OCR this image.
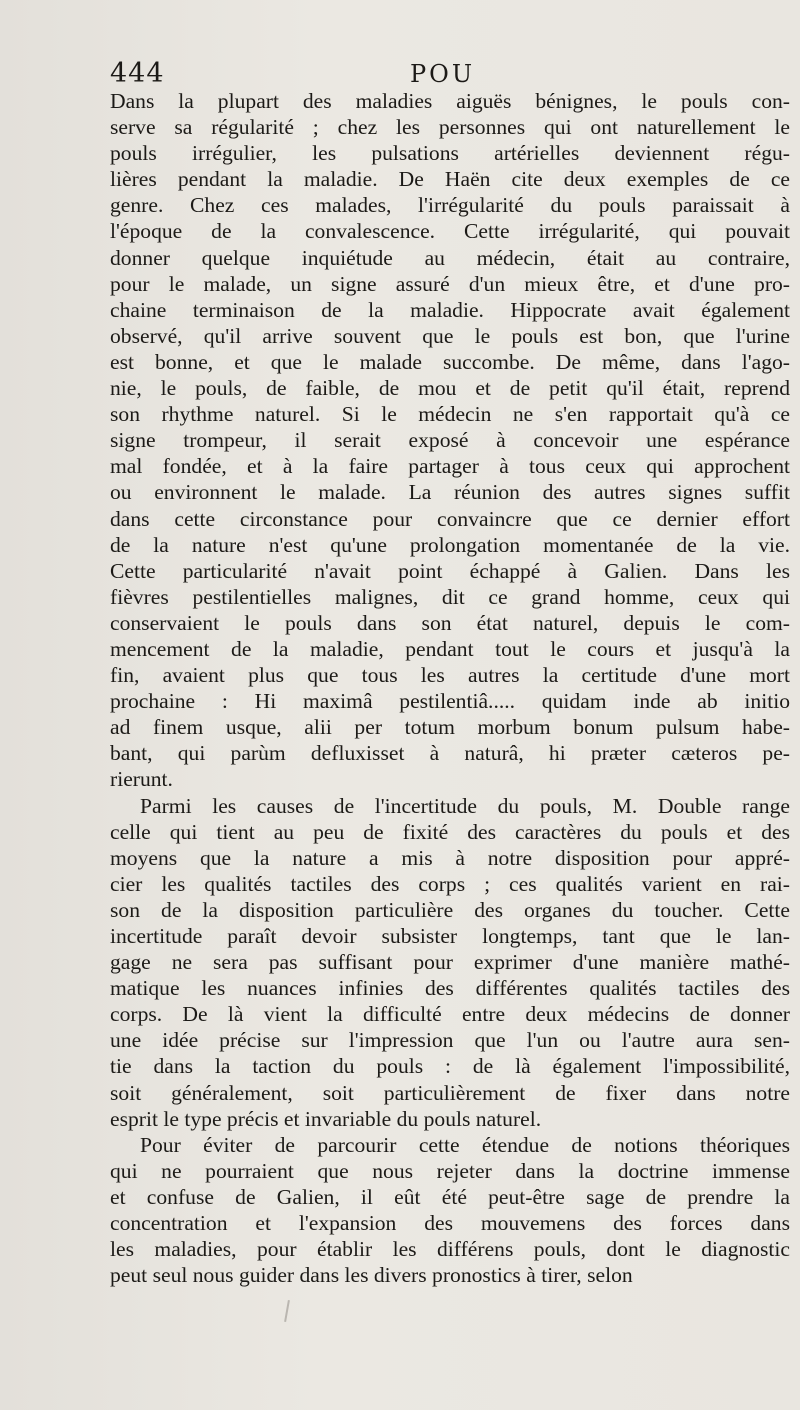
444	POU
Dans la plupart des maladies aiguës bénignes, le pouls con-
serve sa régularité ; chez les personnes qui ont naturellement le
pouls irrégulier, les pulsations artérielles deviennent régu-
lières pendant la maladie. De Haën cite deux exemples de ce
genre. Chez ces malades, l'irrégularité du pouls paraissait à
l'époque de la convalescence. Cette irrégularité, qui pouvait
donner quelque inquiétude au médecin, était au contraire,
pour le malade, un signe assuré d'un mieux être, et d'une pro-
chaine terminaison de la maladie. Hippocrate avait également
observé, qu'il arrive souvent que le pouls est bon, que l'urine
est bonne, et que le malade succombe. De même, dans l'ago-
nie, le pouls, de faible, de mou et de petit qu'il était, reprend
son rhythme naturel. Si le médecin ne s'en rapportait qu'à ce
signe trompeur, il serait exposé à concevoir une espérance
mal fondée, et à la faire partager à tous ceux qui approchent
ou environnent le malade. La réunion des autres signes suffit
dans cette circonstance pour convaincre que ce dernier effort
de la nature n'est qu'une prolongation momentanée de la vie.
Cette particularité n'avait point échappé à Galien. Dans les
fièvres pestilentielles malignes, dit ce grand homme, ceux qui
conservaient le pouls dans son état naturel, depuis le com-
mencement de la maladie, pendant tout le cours et jusqu'à la
fin, avaient plus que tous les autres la certitude d'une mort
prochaine : Hi maximâ pestilentiâ..... quidam inde ab initio
ad finem usque, alii per totum morbum bonum pulsum habe-
bant, qui parùm defluxisset à naturâ, hi præter cæteros pe-
rierunt.
Parmi les causes de l'incertitude du pouls, M. Double range
celle qui tient au peu de fixité des caractères du pouls et des
moyens que la nature a mis à notre disposition pour appré-
cier les qualités tactiles des corps ; ces qualités varient en rai-
son de la disposition particulière des organes du toucher. Cette
incertitude paraît devoir subsister longtemps, tant que le lan-
gage ne sera pas suffisant pour exprimer d'une manière mathé-
matique les nuances infinies des différentes qualités tactiles des
corps. De là vient la difficulté entre deux médecins de donner
une idée précise sur l'impression que l'un ou l'autre aura sen-
tie dans la taction du pouls : de là également l'impossibilité,
soit généralement, soit particulièrement de fixer dans notre
esprit le type précis et invariable du pouls naturel.
Pour éviter de parcourir cette étendue de notions théoriques
qui ne pourraient que nous rejeter dans la doctrine immense
et confuse de Galien, il eût été peut-être sage de prendre la
concentration et l'expansion des mouvemens des forces dans
les maladies, pour établir les différens pouls, dont le diagnostic
peut seul nous guider dans les divers pronostics à tirer, selon
